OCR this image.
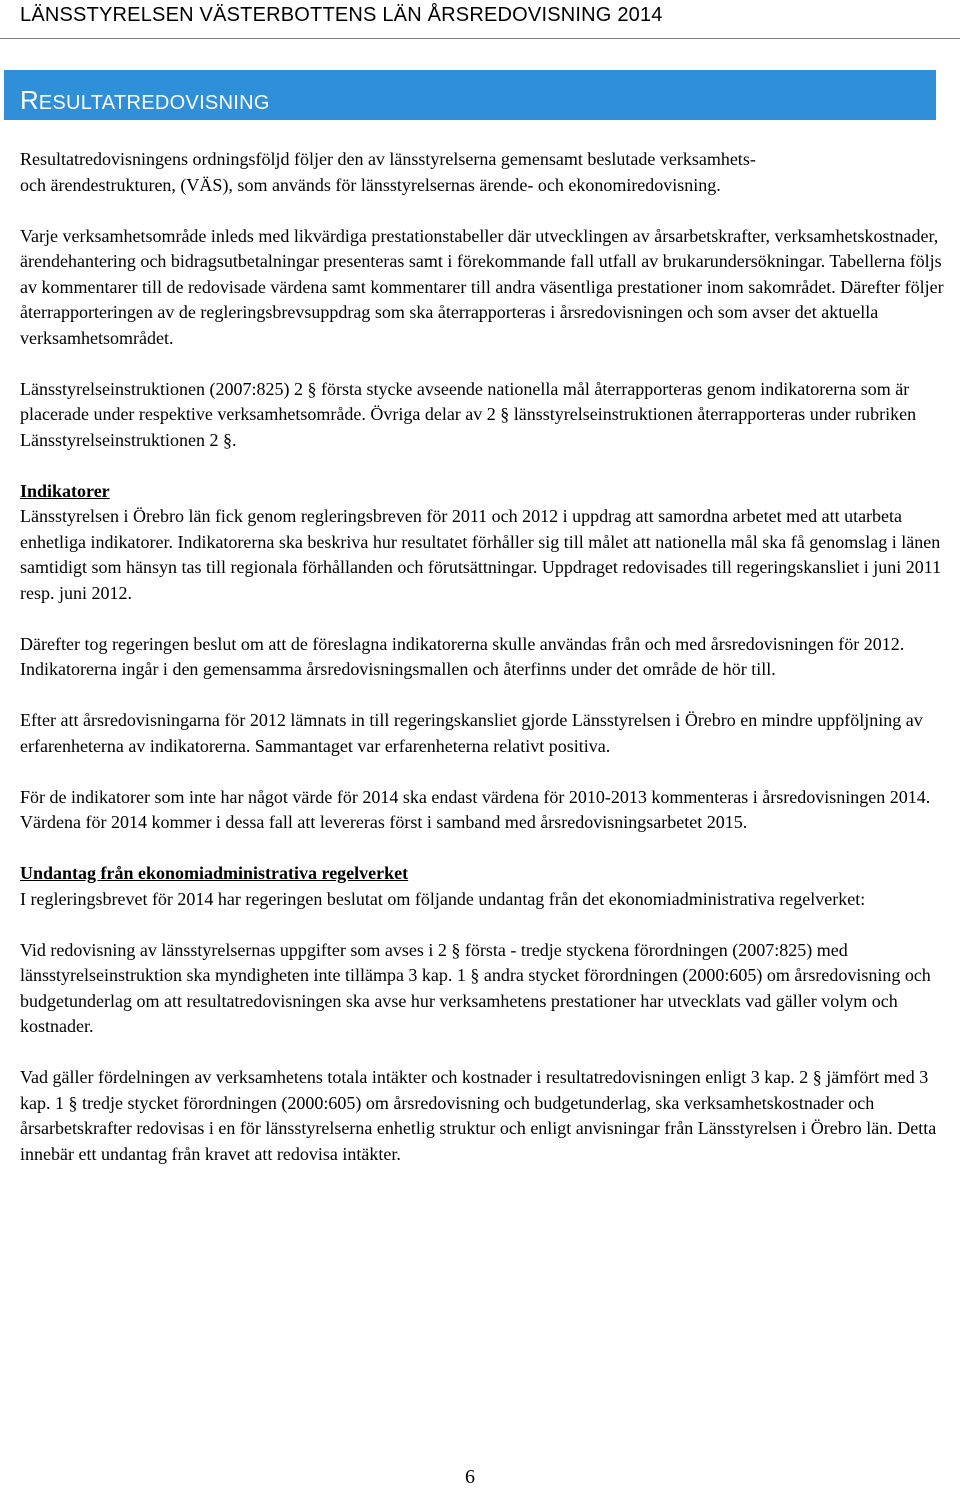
LÄNSSTYRELSEN VÄSTERBOTTENS LÄN ÅRSREDOVISNING 2014
RESULTATREDOVISNING

Resultatredovisningens ordningsföljd följer den av länsstyrelserna gemensamt beslutade verksamhets-
och ärendestrukturen, (VÄS), som används för länsstyrelsernas ärende- och ekonomiredovisning.

Varje verksamhetsområde inleds med likvärdiga prestationstabeller där utvecklingen av årsarbetskrafter, verksamhetskostnader, ärendehantering och bidragsutbetalningar presenteras samt i förekommande fall utfall av brukarundersökningar. Tabellerna följs av kommentarer till de redovisade värdena samt kommentarer till andra väsentliga prestationer inom sakområdet. Därefter följer återrapporteringen av de regleringsbrevsuppdrag som ska återrapporteras i årsredovisningen och som avser det aktuella verksamhetsområdet.

Länsstyrelseinstruktionen (2007:825) 2 § första stycke avseende nationella mål återrapporteras genom indikatorerna som är placerade under respektive verksamhetsområde. Övriga delar av 2 § länsstyrelseinstruktionen återrapporteras under rubriken Länsstyrelseinstruktionen 2 §.

Indikatorer
Länsstyrelsen i Örebro län fick genom regleringsbreven för 2011 och 2012 i uppdrag att samordna arbetet med att utarbeta enhetliga indikatorer. Indikatorerna ska beskriva hur resultatet förhåller sig till målet att nationella mål ska få genomslag i länen samtidigt som hänsyn tas till regionala förhållanden och förutsättningar. Uppdraget redovisades till regeringskansliet i juni 2011 resp. juni 2012.

Därefter tog regeringen beslut om att de föreslagna indikatorerna skulle användas från och med årsredovisningen för 2012. Indikatorerna ingår i den gemensamma årsredovisningsmallen och återfinns under det område de hör till.

Efter att årsredovisningarna för 2012 lämnats in till regeringskansliet gjorde Länsstyrelsen i Örebro en mindre uppföljning av erfarenheterna av indikatorerna. Sammantaget var erfarenheterna relativt positiva.

För de indikatorer som inte har något värde för 2014 ska endast värdena för 2010-2013 kommenteras i årsredovisningen 2014. Värdena för 2014 kommer i dessa fall att levereras först i samband med årsredovisningsarbetet 2015.

Undantag från ekonomiadministrativa regelverket
I regleringsbrevet för 2014 har regeringen beslutat om följande undantag från det ekonomiadministrativa regelverket:

Vid redovisning av länsstyrelsernas uppgifter som avses i 2 § första - tredje styckena förordningen (2007:825) med länsstyrelseinstruktion ska myndigheten inte tillämpa 3 kap. 1 § andra stycket förordningen (2000:605) om årsredovisning och budgetunderlag om att resultatredovisningen ska avse hur verksamhetens prestationer har utvecklats vad gäller volym och kostnader.

Vad gäller fördelningen av verksamhetens totala intäkter och kostnader i resultatredovisningen enligt 3 kap. 2 § jämfört med 3 kap. 1 § tredje stycket förordningen (2000:605) om årsredovisning och budgetunderlag, ska verksamhetskostnader och årsarbetskrafter redovisas i en för länsstyrelserna enhetlig struktur och enligt anvisningar från Länsstyrelsen i Örebro län. Detta innebär ett undantag från kravet att redovisa intäkter.

6
